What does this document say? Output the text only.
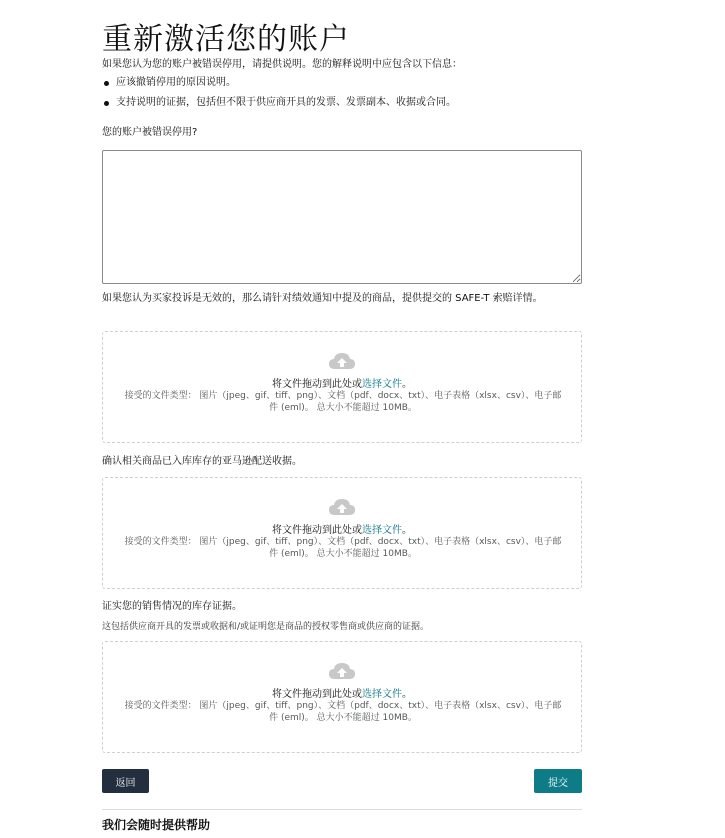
重新激活您的账户
如果您认为您的账户被错误停用，请提供说明。您的解释说明中应包含以下信息：
应该撤销停用的原因说明。
支持说明的证据，包括但不限于供应商开具的发票、发票副本、收据或合同。
您的账户被错误停用?
如果您认为买家投诉是无效的，那么请针对绩效通知中提及的商品，提供提交的 SAFE-T 索赔详情。
将文件拖动到此处或选择文件。
接受的文件类型： 图片（jpeg、gif、tiff、png）、文档（pdf、docx、txt）、电子表格（xlsx、csv）、电子邮件 (eml)。 总大小不能超过 10MB。
确认相关商品已入库库存的亚马逊配送收据。
将文件拖动到此处或选择文件。
接受的文件类型： 图片（jpeg、gif、tiff、png）、文档（pdf、docx、txt）、电子表格（xlsx、csv）、电子邮件 (eml)。 总大小不能超过 10MB。
证实您的销售情况的库存证据。
这包括供应商开具的发票或收据和/或证明您是商品的授权零售商或供应商的证据。
将文件拖动到此处或选择文件。
接受的文件类型： 图片（jpeg、gif、tiff、png）、文档（pdf、docx、txt）、电子表格（xlsx、csv）、电子邮件 (eml)。 总大小不能超过 10MB。
返回	提交
我们会随时提供帮助
